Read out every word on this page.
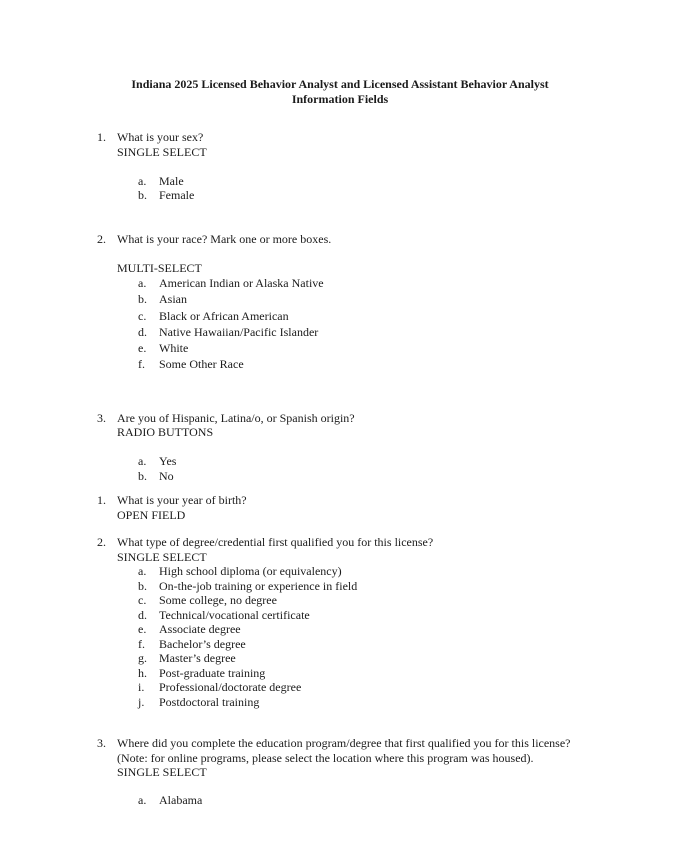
Indiana 2025 Licensed Behavior Analyst and Licensed Assistant Behavior Analyst
Information Fields
1. What is your sex?
SINGLE SELECT
a.	Male
b.	Female
2. What is your race? Mark one or more boxes.
MULTI-SELECT
a.	American Indian or Alaska Native
b.	Asian
c.	Black or African American
d.	Native Hawaiian/Pacific Islander
e.	White
f.	Some Other Race
3. Are you of Hispanic, Latina/o, or Spanish origin?
RADIO BUTTONS
a.	Yes
b.	No
1. What is your year of birth?
OPEN FIELD
2. What type of degree/credential first qualified you for this license?
SINGLE SELECT
a.	High school diploma (or equivalency)
b.	On-the-job training or experience in field
c.	Some college, no degree
d.	Technical/vocational certificate
e.	Associate degree
f.	Bachelor’s degree
g.	Master’s degree
h.	Post-graduate training
i.	Professional/doctorate degree
j.	Postdoctoral training
3. Where did you complete the education program/degree that first qualified you for this license?
(Note: for online programs, please select the location where this program was housed).
SINGLE SELECT
a.	Alabama
